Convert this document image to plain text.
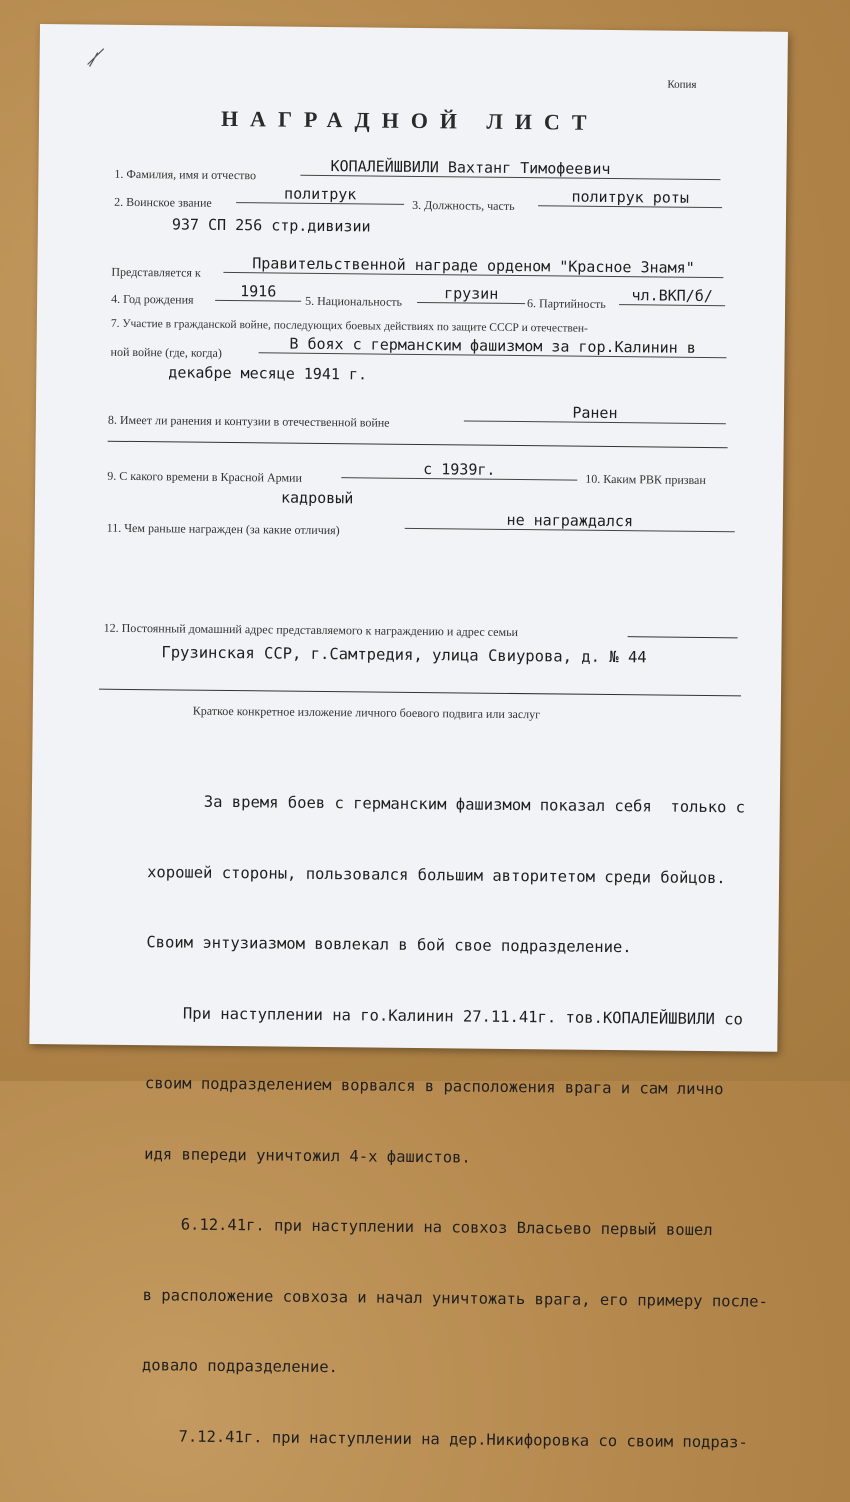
Копия
НАГРАДНОЙ ЛИСТ
1. Фамилия, имя и отчество	КОПАЛЕЙШВИЛИ Вахтанг Тимофеевич
2. Воинское звание	политрук
3. Должность, часть	политрук роты
937 СП 256 стр.дивизии
Представляется к	Правительственной награде орденом "Красное Знамя"
4. Год рождения	1916
5. Национальность	грузин
6. Партийность	чл.ВКП/б/
7. Участие в гражданской войне, последующих боевых действиях по защите СССР и отечествен-
ной войне (где, когда)	В боях с германским фашизмом за гор.Калинин в
декабре месяце 1941 г.
8. Имеет ли ранения и контузии в отечественной войне	Ранен
9. С какого времени в Красной Армии	с 1939г.
10. Каким РВК призван
кадровый
11. Чем раньше награжден (за какие отличия)	не награждался
12. Постоянный домашний адрес представляемого к награждению и адрес семьи
Грузинская ССР, г.Самтредия, улица Свиурова, д. № 44
Краткое конкретное изложение личного боевого подвига или заслуг

За время боев с германским фашизмом показал себя  только с

хорошей стороны, пользовался большим авторитетом среди бойцов.

Своим энтузиазмом вовлекал в бой свое подразделение.

При наступлении на го.Калинин 27.11.41г. тов.КОПАЛЕЙШВИЛИ со

своим подразделением ворвался в расположения врага и сам лично

идя впереди уничтожил 4-х фашистов.

6.12.41г. при наступлении на совхоз Власьево первый вошел

в расположение совхоза и начал уничтожать врага, его примеру после-

довало подразделение.

7.12.41г. при наступлении на дер.Никифоровка со своим подраз-
